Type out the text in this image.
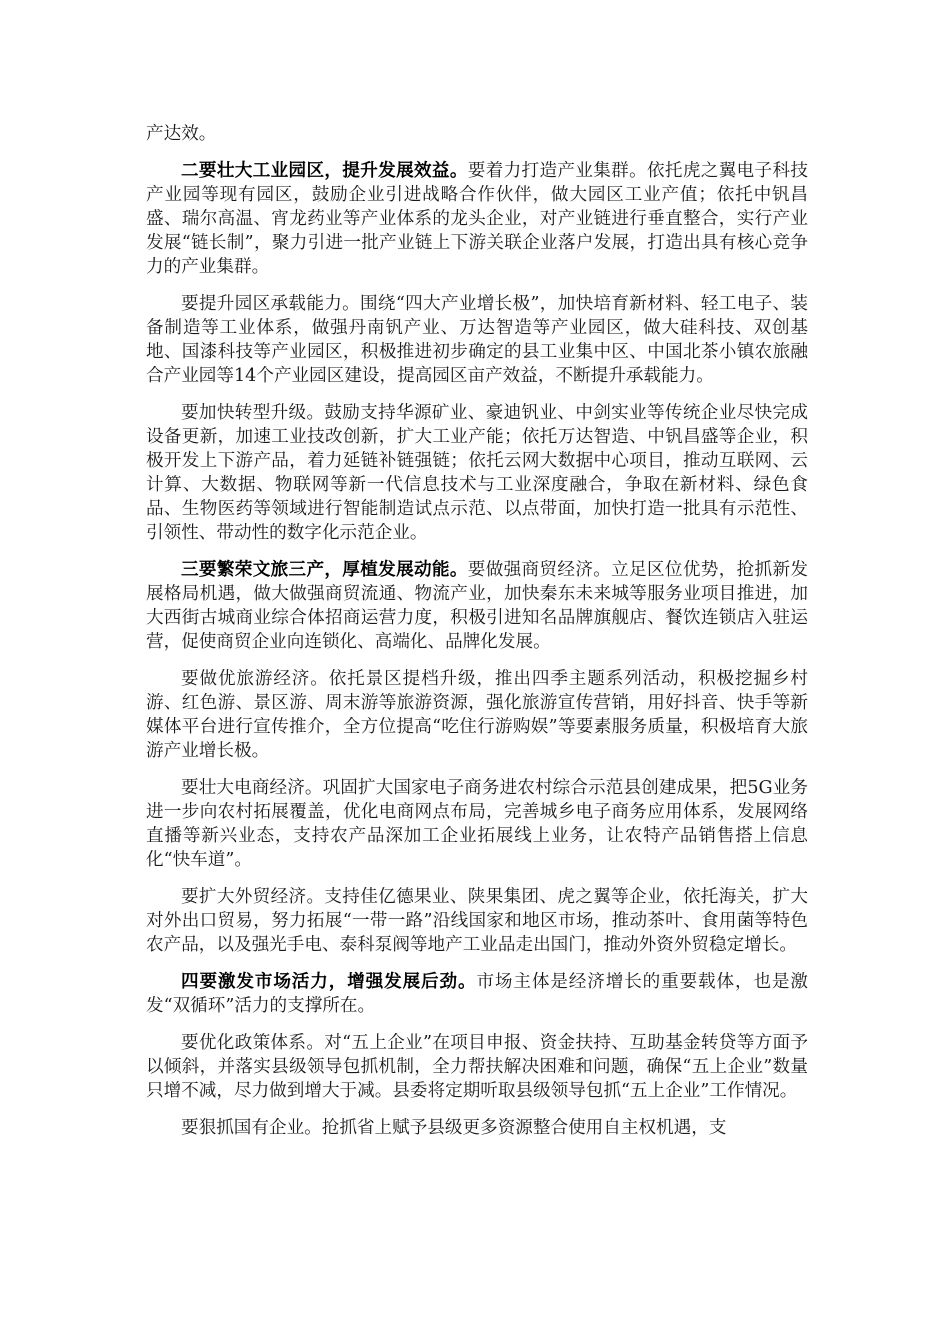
产达效。

二要壮大工业园区，提升发展效益。要着力打造产业集群。依托虎之翼电子科技产业园等现有园区，鼓励企业引进战略合作伙伴，做大园区工业产值；依托中钒昌盛、瑞尔高温、宵龙药业等产业体系的龙头企业，对产业链进行垂直整合，实行产业发展“链长制”，聚力引进一批产业链上下游关联企业落户发展，打造出具有核心竞争力的产业集群。

要提升园区承载能力。围绕“四大产业增长极”，加快培育新材料、轻工电子、装备制造等工业体系，做强丹南钒产业、万达智造等产业园区，做大硅科技、双创基地、国漆科技等产业园区，积极推进初步确定的县工业集中区、中国北茶小镇农旅融合产业园等14个产业园区建设，提高园区亩产效益，不断提升承载能力。

要加快转型升级。鼓励支持华源矿业、豪迪钒业、中剑实业等传统企业尽快完成设备更新，加速工业技改创新，扩大工业产能；依托万达智造、中钒昌盛等企业，积极开发上下游产品，着力延链补链强链；依托云网大数据中心项目，推动互联网、云计算、大数据、物联网等新一代信息技术与工业深度融合，争取在新材料、绿色食品、生物医药等领域进行智能制造试点示范、以点带面，加快打造一批具有示范性、引领性、带动性的数字化示范企业。

三要繁荣文旅三产，厚植发展动能。要做强商贸经济。立足区位优势，抢抓新发展格局机遇，做大做强商贸流通、物流产业，加快秦东未来城等服务业项目推进，加大西街古城商业综合体招商运营力度，积极引进知名品牌旗舰店、餐饮连锁店入驻运营，促使商贸企业向连锁化、高端化、品牌化发展。

要做优旅游经济。依托景区提档升级，推出四季主题系列活动，积极挖掘乡村游、红色游、景区游、周末游等旅游资源，强化旅游宣传营销，用好抖音、快手等新媒体平台进行宣传推介，全方位提高“吃住行游购娱”等要素服务质量，积极培育大旅游产业增长极。

要壮大电商经济。巩固扩大国家电子商务进农村综合示范县创建成果，把5G业务进一步向农村拓展覆盖，优化电商网点布局，完善城乡电子商务应用体系，发展网络直播等新兴业态，支持农产品深加工企业拓展线上业务，让农特产品销售搭上信息化“快车道”。

要扩大外贸经济。支持佳亿德果业、陕果集团、虎之翼等企业，依托海关，扩大对外出口贸易，努力拓展“一带一路”沿线国家和地区市场，推动茶叶、食用菌等特色农产品，以及强光手电、泰科泵阀等地产工业品走出国门，推动外资外贸稳定增长。

四要激发市场活力，增强发展后劲。市场主体是经济增长的重要载体，也是激发“双循环”活力的支撑所在。

要优化政策体系。对“五上企业”在项目申报、资金扶持、互助基金转贷等方面予以倾斜，并落实县级领导包抓机制，全力帮扶解决困难和问题，确保“五上企业”数量只增不减，尽力做到增大于减。县委将定期听取县级领导包抓“五上企业”工作情况。

要狠抓国有企业。抢抓省上赋予县级更多资源整合使用自主权机遇，支
